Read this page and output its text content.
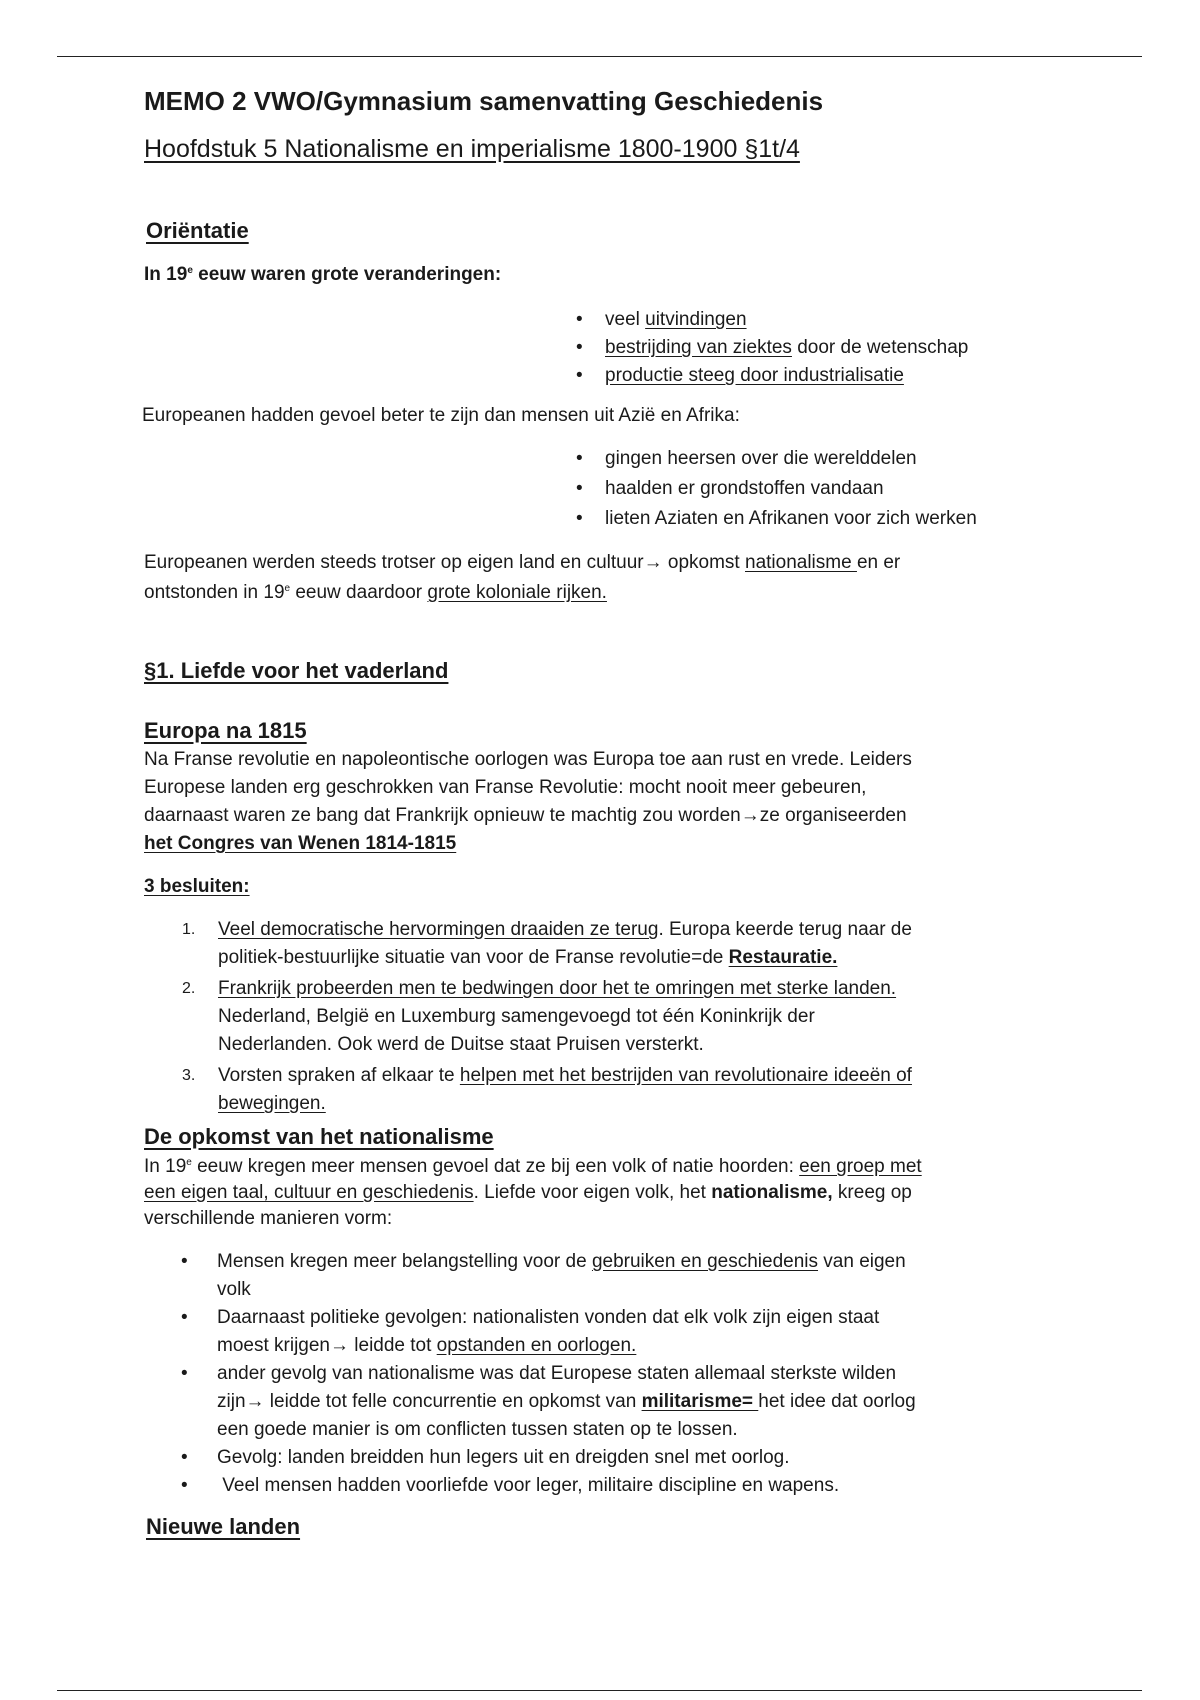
MEMO 2 VWO/Gymnasium samenvatting Geschiedenis

Hoofdstuk 5 Nationalisme en imperialisme 1800-1900 §1t/4

Oriëntatie

In 19e eeuw waren grote veranderingen:

• veel uitvindingen
• bestrijding van ziektes door de wetenschap
• productie steeg door industrialisatie

Europeanen hadden gevoel beter te zijn dan mensen uit Azië en Afrika:

• gingen heersen over die werelddelen
• haalden er grondstoffen vandaan
• lieten Aziaten en Afrikanen voor zich werken

Europeanen werden steeds trotser op eigen land en cultuur→ opkomst nationalisme en er
ontstonden in 19e eeuw daardoor grote koloniale rijken.

§1. Liefde voor het vaderland

Europa na 1815

Na Franse revolutie en napoleontische oorlogen was Europa toe aan rust en vrede. Leiders
Europese landen erg geschrokken van Franse Revolutie: mocht nooit meer gebeuren,
daarnaast waren ze bang dat Frankrijk opnieuw te machtig zou worden→ze organiseerden
het Congres van Wenen 1814-1815

3 besluiten:

1. Veel democratische hervormingen draaiden ze terug. Europa keerde terug naar de
politiek-bestuurlijke situatie van voor de Franse revolutie=de Restauratie.
2. Frankrijk probeerden men te bedwingen door het te omringen met sterke landen.
Nederland, België en Luxemburg samengevoegd tot één Koninkrijk der
Nederlanden. Ook werd de Duitse staat Pruisen versterkt.
3. Vorsten spraken af elkaar te helpen met het bestrijden van revolutionaire ideeën of
bewegingen.

De opkomst van het nationalisme

In 19e eeuw kregen meer mensen gevoel dat ze bij een volk of natie hoorden: een groep met
een eigen taal, cultuur en geschiedenis. Liefde voor eigen volk, het nationalisme, kreeg op
verschillende manieren vorm:

• Mensen kregen meer belangstelling voor de gebruiken en geschiedenis van eigen
volk
• Daarnaast politieke gevolgen: nationalisten vonden dat elk volk zijn eigen staat
moest krijgen→ leidde tot opstanden en oorlogen.
• ander gevolg van nationalisme was dat Europese staten allemaal sterkste wilden
zijn→ leidde tot felle concurrentie en opkomst van militarisme= het idee dat oorlog
een goede manier is om conflicten tussen staten op te lossen.
• Gevolg: landen breidden hun legers uit en dreigden snel met oorlog.
•  Veel mensen hadden voorliefde voor leger, militaire discipline en wapens.

Nieuwe landen
